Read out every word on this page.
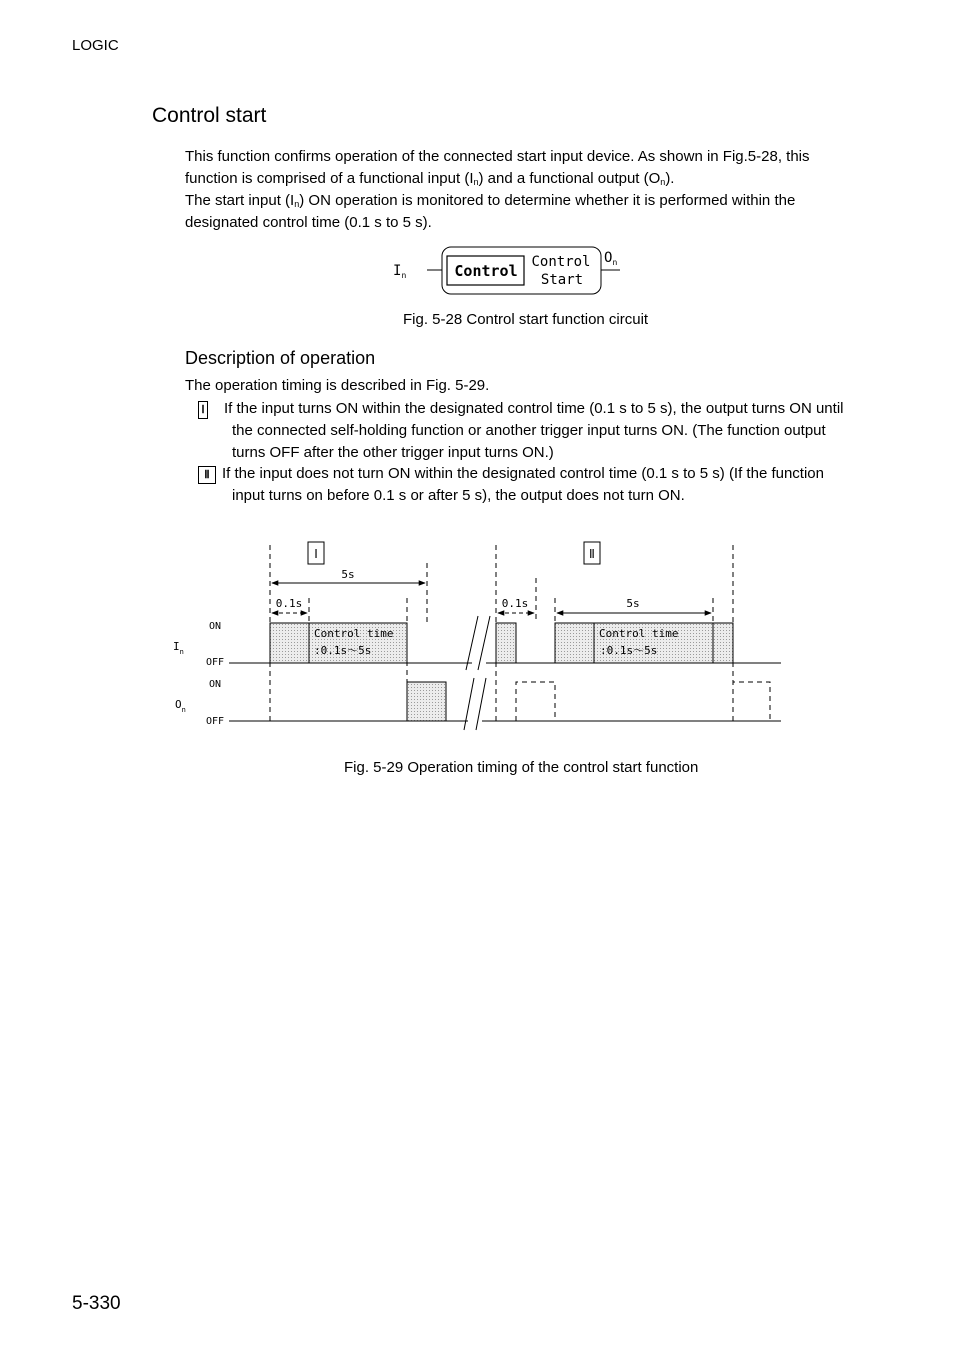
LOGIC
Control start
This function confirms operation of the connected start input device. As shown in Fig.5-28, this
function is comprised of a functional input $(I_n)$ and a functional output $(O_n)$.
The start input $(I_n)$ ON operation is monitored to determine whether it is performed within the
designated control time (0.1 s to 5 s).
$I_n$	Control Control
Start
$O_n$
Fig. 5-28 Control start function circuit
Description of operation
The operation timing is described in Fig. 5-29.
Ⅰ	If the input turns ON within the designated control time (0.1 s to 5 s), the output turns ON until
the connected self-holding function or another trigger input turns ON. (The function output
turns OFF after the other trigger input turns ON.)
Ⅱ If the input does not turn ON within the designated control time (0.1 s to 5 s) (If the function
input turns on before 0.1 s or after 5 s), the output does not turn ON.
Ⅰ	Ⅱ
5s
0.1s	0.1s	5s
ON
OFF
ON
OFF
$I_n$
$O_n$
Control time
:0.1s～5s
Control time
:0.1s～5s
Fig. 5-29 Operation timing of the control start function
5-330
